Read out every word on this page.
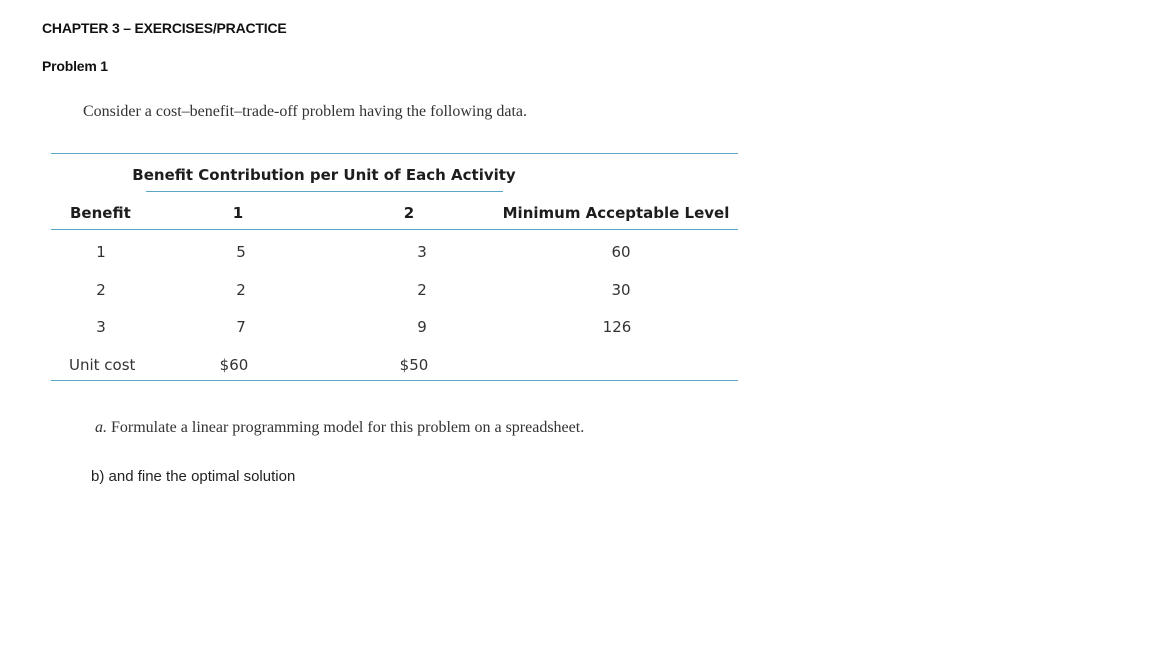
CHAPTER 3 – EXERCISES/PRACTICE
Problem 1
Consider a cost–benefit–trade-off problem having the following data.
Benefit Contribution per Unit of Each Activity
Benefit	1	2	Minimum Acceptable Level
1	5	3	60
2	2	2	30
3	7	9	126
Unit cost	$60	$50
a. Formulate a linear programming model for this problem on a spreadsheet.
b) and fine the optimal solution
